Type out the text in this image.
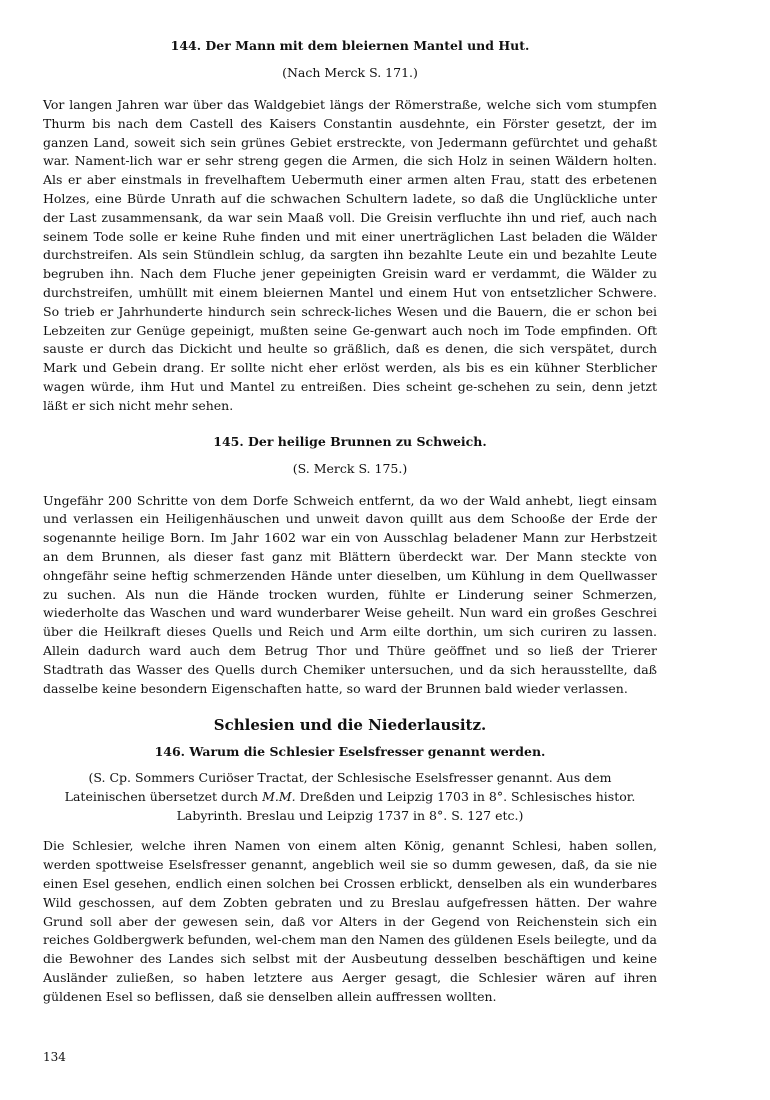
144. Der Mann mit dem bleiernen Mantel und Hut.

(Nach Merck S. 171.)

Vor langen Jahren war über das Waldgebiet längs der Römerstraße, welche sich vom stumpfen Thurm bis nach dem Castell des Kaisers Constantin ausdehnte, ein Förster gesetzt, der im ganzen Land, soweit sich sein grünes Gebiet erstreckte, von Jedermann gefürchtet und gehaßt war. Nament-lich war er sehr streng gegen die Armen, die sich Holz in seinen Wäldern holten. Als er aber einstmals in frevelhaftem Uebermuth einer armen alten Frau, statt des erbetenen Holzes, eine Bürde Unrath auf die schwachen Schultern ladete, so daß die Unglückliche unter der Last zusammensank, da war sein Maaß voll. Die Greisin verfluchte ihn und rief, auch nach seinem Tode solle er keine Ruhe finden und mit einer unerträglichen Last beladen die Wälder durchstreifen. Als sein Stündlein schlug, da sargten ihn bezahlte Leute ein und bezahlte Leute begruben ihn. Nach dem Fluche jener gepeinigten Greisin ward er verdammt, die Wälder zu durchstreifen, umhüllt mit einem bleiernen Mantel und einem Hut von entsetzlicher Schwere. So trieb er Jahrhunderte hindurch sein schreck-liches Wesen und die Bauern, die er schon bei Lebzeiten zur Genüge gepeinigt, mußten seine Ge-genwart auch noch im Tode empfinden. Oft sauste er durch das Dickicht und heulte so gräßlich, daß es denen, die sich verspätet, durch Mark und Gebein drang. Er sollte nicht eher erlöst werden, als bis es ein kühner Sterblicher wagen würde, ihm Hut und Mantel zu entreißen. Dies scheint ge-schehen zu sein, denn jetzt läßt er sich nicht mehr sehen.

145. Der heilige Brunnen zu Schweich.

(S. Merck S. 175.)

Ungefähr 200 Schritte von dem Dorfe Schweich entfernt, da wo der Wald anhebt, liegt einsam und verlassen ein Heiligenhäuschen und unweit davon quillt aus dem Schooße der Erde der sogenannte heilige Born. Im Jahr 1602 war ein von Ausschlag beladener Mann zur Herbstzeit an dem Brunnen, als dieser fast ganz mit Blättern überdeckt war. Der Mann steckte von ohngefähr seine heftig schmerzenden Hände unter dieselben, um Kühlung in dem Quellwasser zu suchen. Als nun die Hände trocken wurden, fühlte er Linderung seiner Schmerzen, wiederholte das Waschen und ward wunderbarer Weise geheilt. Nun ward ein großes Geschrei über die Heilkraft dieses Quells und Reich und Arm eilte dorthin, um sich curiren zu lassen. Allein dadurch ward auch dem Betrug Thor und Thüre geöffnet und so ließ der Trierer Stadtrath das Wasser des Quells durch Chemiker untersuchen, und da sich herausstellte, daß dasselbe keine besondern Eigenschaften hatte, so ward der Brunnen bald wieder verlassen.

Schlesien und die Niederlausitz.
146. Warum die Schlesier Eselsfresser genannt werden.

(S. Cp. Sommers Curiöser Tractat, der Schlesische Eselsfresser genannt. Aus dem Lateinischen übersetzet durch M.M. Dreßden und Leipzig 1703 in 8°. Schlesisches histor. Labyrinth. Breslau und Leipzig 1737 in 8°. S. 127 etc.)

Die Schlesier, welche ihren Namen von einem alten König, genannt Schlesi, haben sollen, werden spottweise Eselsfresser genannt, angeblich weil sie so dumm gewesen, daß, da sie nie einen Esel gesehen, endlich einen solchen bei Crossen erblickt, denselben als ein wunderbares Wild geschossen, auf dem Zobten gebraten und zu Breslau aufgefressen hätten. Der wahre Grund soll aber der gewesen sein, daß vor Alters in der Gegend von Reichenstein sich ein reiches Goldbergwerk befunden, wel-chem man den Namen des güldenen Esels beilegte, und da die Bewohner des Landes sich selbst mit der Ausbeutung desselben beschäftigen und keine Ausländer zuließen, so haben letztere aus Aerger gesagt, die Schlesier wären auf ihren güldenen Esel so beflissen, daß sie denselben allein auffressen wollten.

134
